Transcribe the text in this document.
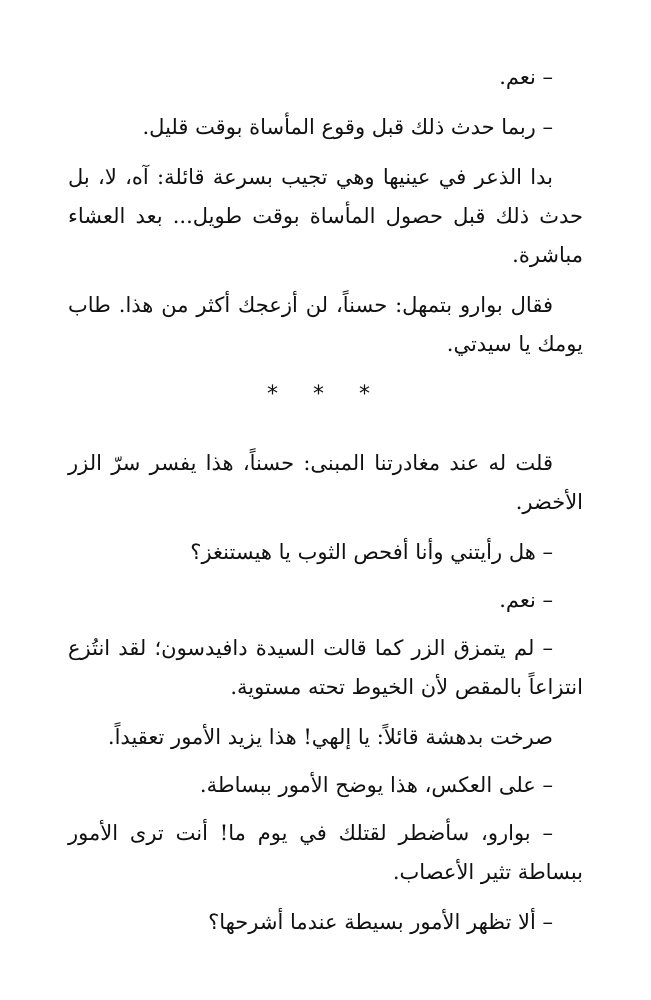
– نعم.

– ربما حدث ذلك قبل وقوع المأساة بوقت قليل.

بدا الذعر في عينيها وهي تجيب بسرعة قائلة: آه، لا، بل حدث ذلك قبل حصول المأساة بوقت طويل... بعد العشاء مباشرة.

فقال بوارو بتمهل: حسناً، لن أزعجك أكثر من هذا. طاب يومك يا سيدتي.

* * *

قلت له عند مغادرتنا المبنى: حسناً، هذا يفسر سرّ الزر الأخضر.

– هل رأيتني وأنا أفحص الثوب يا هيستنغز؟

– نعم.

– لم يتمزق الزر كما قالت السيدة دافيدسون؛ لقد انتُزع انتزاعاً بالمقص لأن الخيوط تحته مستوية.

صرخت بدهشة قائلاً: يا إلهي! هذا يزيد الأمور تعقيداً.

– على العكس، هذا يوضح الأمور ببساطة.

– بوارو، سأضطر لقتلك في يوم ما! أنت ترى الأمور ببساطة تثير الأعصاب.

– ألا تظهر الأمور بسيطة عندما أشرحها؟
